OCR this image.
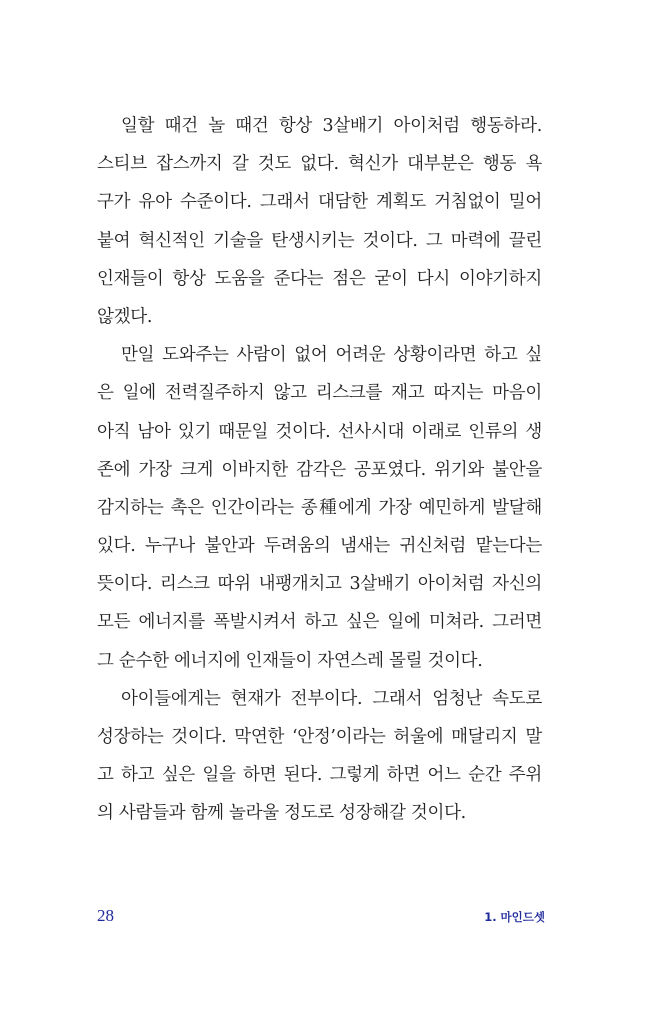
일할 때건 놀 때건 항상 3살배기 아이처럼 행동하라.
스티브 잡스까지 갈 것도 없다. 혁신가 대부분은 행동 욕
구가 유아 수준이다. 그래서 대담한 계획도 거침없이 밀어
붙여 혁신적인 기술을 탄생시키는 것이다. 그 마력에 끌린
인재들이 항상 도움을 준다는 점은 굳이 다시 이야기하지
않겠다.
만일 도와주는 사람이 없어 어려운 상황이라면 하고 싶
은 일에 전력질주하지 않고 리스크를 재고 따지는 마음이
아직 남아 있기 때문일 것이다. 선사시대 이래로 인류의 생
존에 가장 크게 이바지한 감각은 공포였다. 위기와 불안을
감지하는 촉은 인간이라는 종種에게 가장 예민하게 발달해
있다. 누구나 불안과 두려움의 냄새는 귀신처럼 맡는다는
뜻이다. 리스크 따위 내팽개치고 3살배기 아이처럼 자신의
모든 에너지를 폭발시켜서 하고 싶은 일에 미쳐라. 그러면
그 순수한 에너지에 인재들이 자연스레 몰릴 것이다.
아이들에게는 현재가 전부이다. 그래서 엄청난 속도로
성장하는 것이다. 막연한 ‘안정’이라는 허울에 매달리지 말
고 하고 싶은 일을 하면 된다. 그렇게 하면 어느 순간 주위
의 사람들과 함께 놀라울 정도로 성장해갈 것이다.
28	1. 마인드셋
